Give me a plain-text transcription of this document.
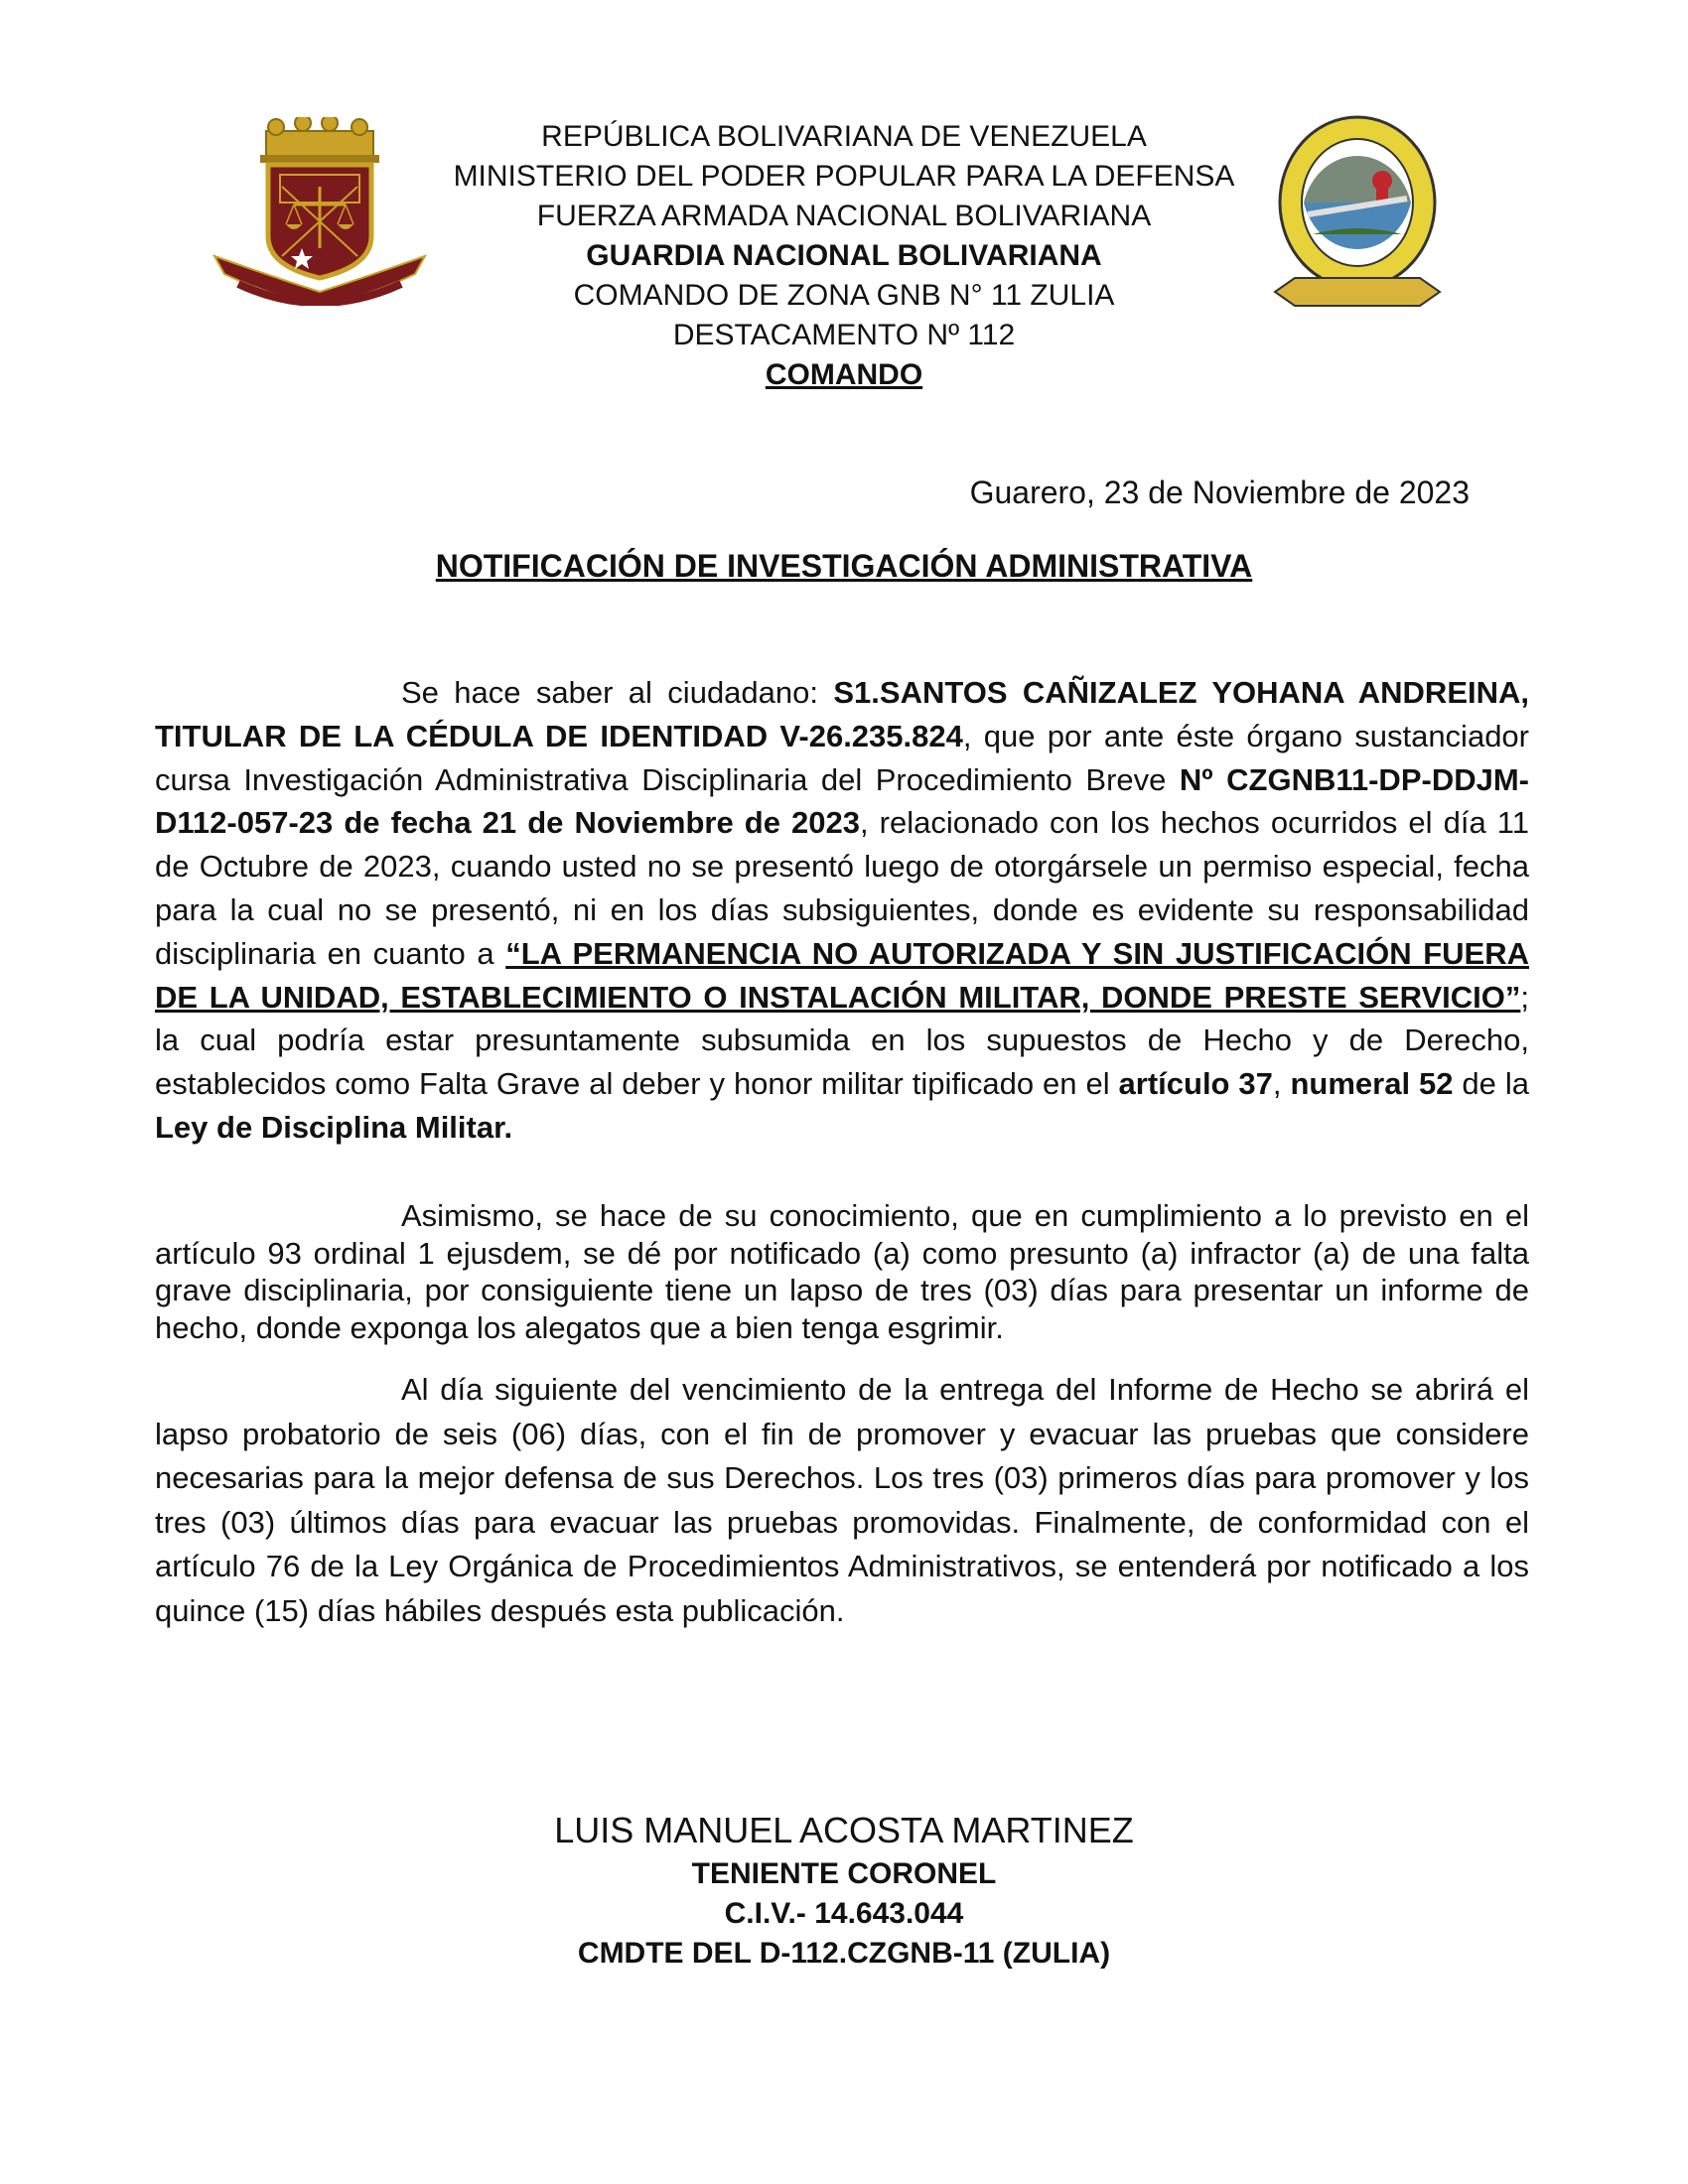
REPÚBLICA BOLIVARIANA DE VENEZUELA
MINISTERIO DEL PODER POPULAR PARA LA DEFENSA
FUERZA ARMADA NACIONAL BOLIVARIANA
GUARDIA NACIONAL BOLIVARIANA
COMANDO DE ZONA GNB N° 11 ZULIA
DESTACAMENTO Nº 112
COMANDO
Guarero, 23 de Noviembre de 2023
NOTIFICACIÓN DE INVESTIGACIÓN ADMINISTRATIVA

Se hace saber al ciudadano: S1.SANTOS CAÑIZALEZ YOHANA ANDREINA, TITULAR DE LA CÉDULA DE IDENTIDAD V-26.235.824, que por ante éste órgano sustanciador cursa Investigación Administrativa Disciplinaria del Procedimiento Breve Nº CZGNB11-DP-DDJM-D112-057-23 de fecha 21 de Noviembre de 2023, relacionado con los hechos ocurridos el día 11 de Octubre de 2023, cuando usted no se presentó luego de otorgársele un permiso especial, fecha para la cual no se presentó, ni en los días subsiguientes, donde es evidente su responsabilidad disciplinaria en cuanto a “LA PERMANENCIA NO AUTORIZADA Y SIN JUSTIFICACIÓN FUERA DE LA UNIDAD, ESTABLECIMIENTO O INSTALACIÓN MILITAR, DONDE PRESTE SERVICIO”; la cual podría estar presuntamente subsumida en los supuestos de Hecho y de Derecho, establecidos como Falta Grave al deber y honor militar tipificado en el artículo 37, numeral 52 de la Ley de Disciplina Militar.

Asimismo, se hace de su conocimiento, que en cumplimiento a lo previsto en el artículo 93 ordinal 1 ejusdem, se dé por notificado (a) como presunto (a) infractor (a) de una falta grave disciplinaria, por consiguiente tiene un lapso de tres (03) días para presentar un informe de hecho, donde exponga los alegatos que a bien tenga esgrimir.

Al día siguiente del vencimiento de la entrega del Informe de Hecho se abrirá el lapso probatorio de seis (06) días, con el fin de promover y evacuar las pruebas que considere necesarias para la mejor defensa de sus Derechos. Los tres (03) primeros días para promover y los tres (03) últimos días para evacuar las pruebas promovidas. Finalmente, de conformidad con el artículo 76 de la Ley Orgánica de Procedimientos Administrativos, se entenderá por notificado a los quince (15) días hábiles después esta publicación.

LUIS MANUEL ACOSTA MARTINEZ
TENIENTE CORONEL
C.I.V.- 14.643.044
CMDTE DEL D-112.CZGNB-11 (ZULIA)
